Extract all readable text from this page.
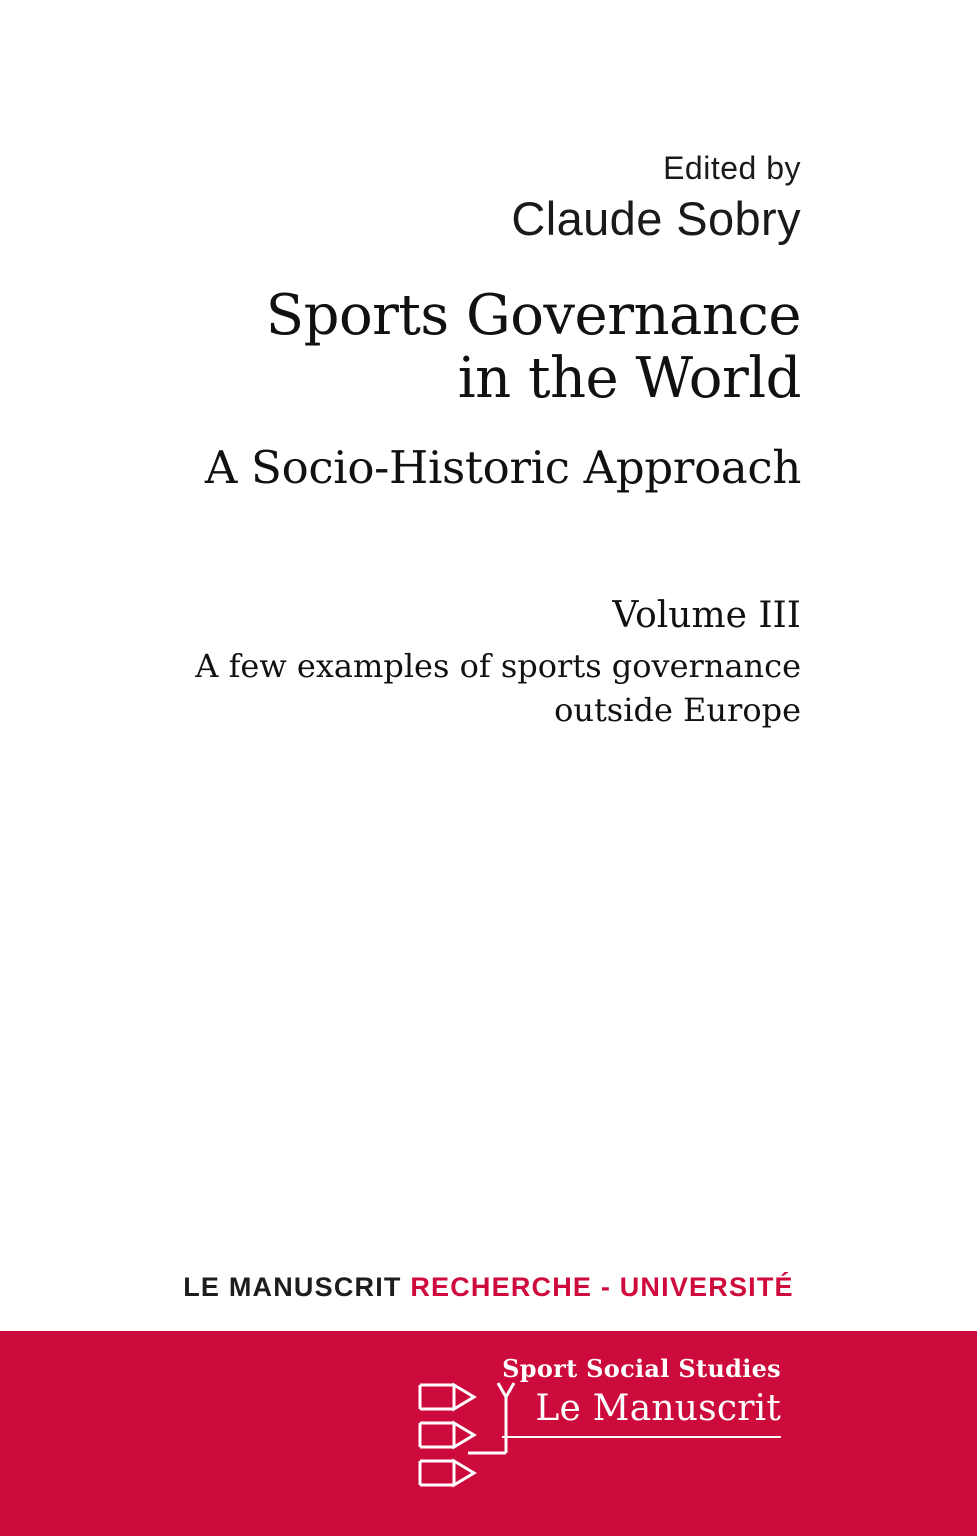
Edited by
Claude Sobry
Sports Governance
in the World
A Socio-Historic Approach
Volume III
A few examples of sports governance
outside Europe
LE MANUSCRIT RECHERCHE - UNIVERSITÉ
Sport Social Studies
Le Manuscrit
